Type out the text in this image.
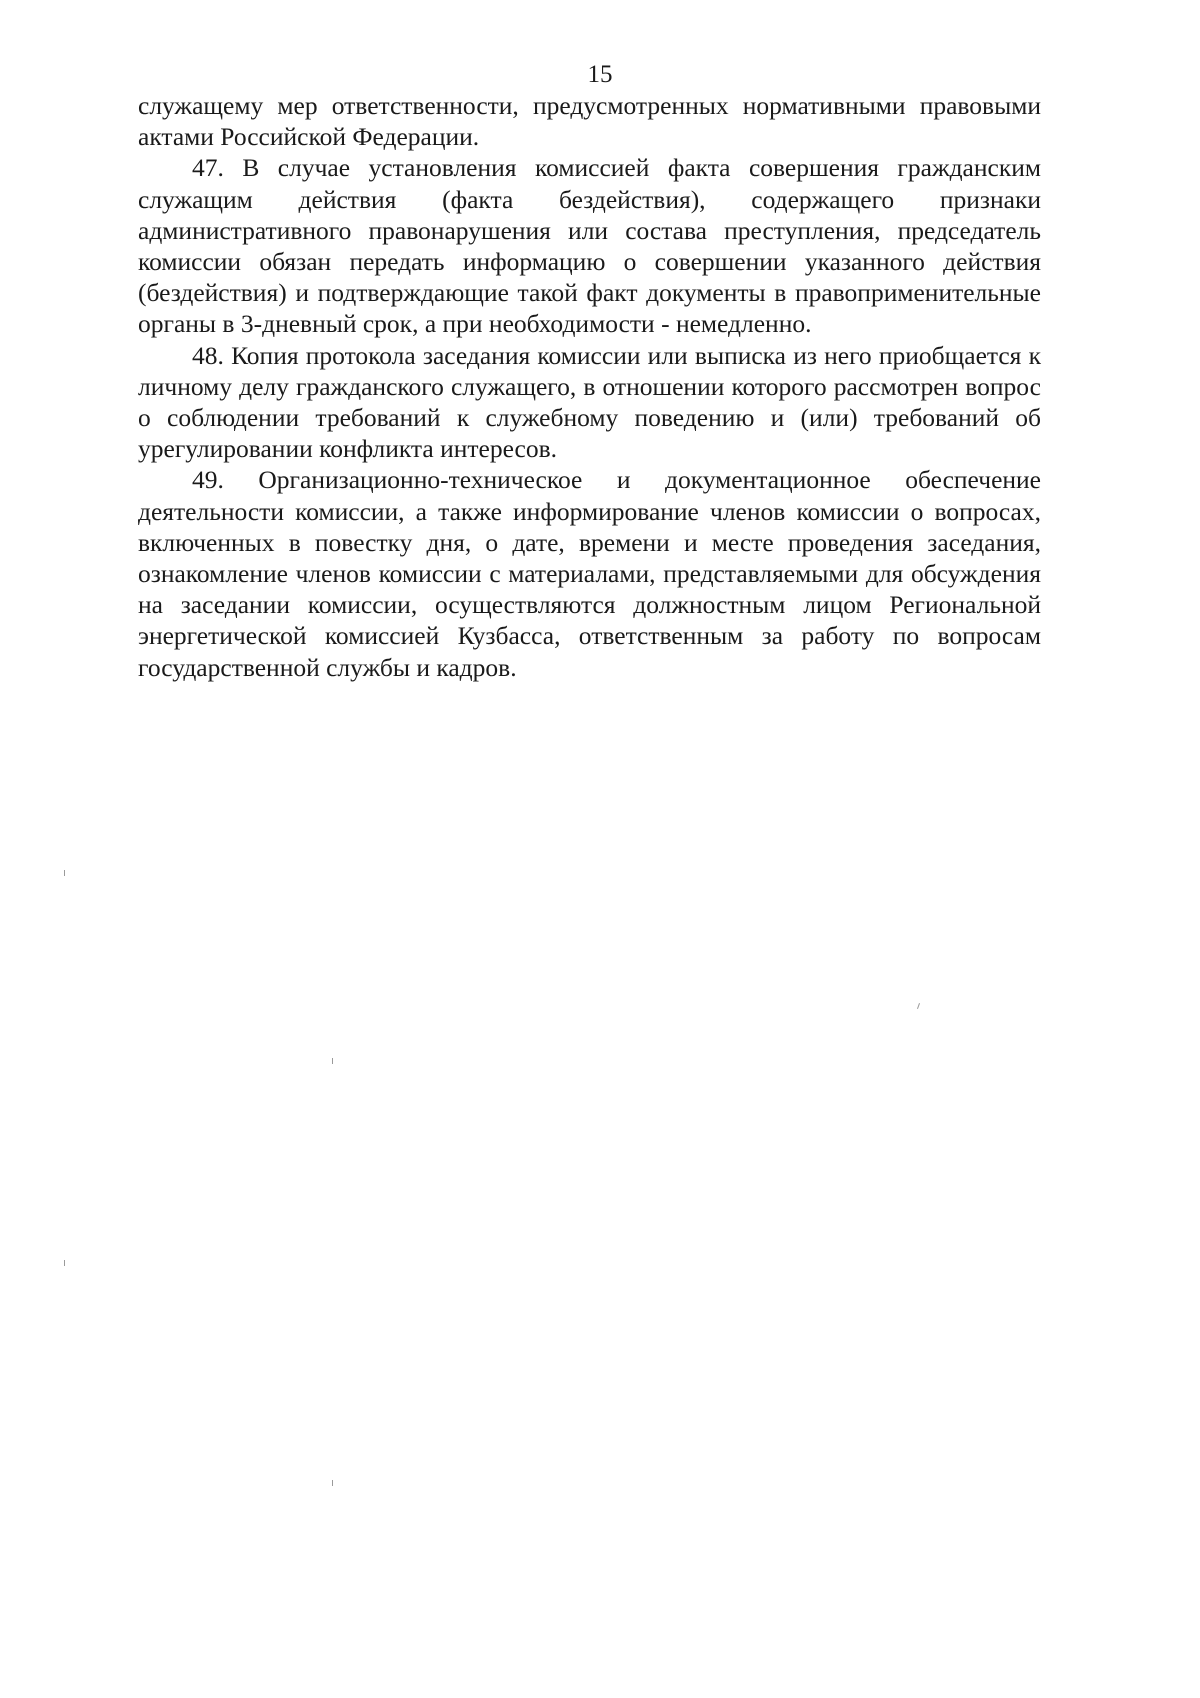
15

служащему мер ответственности, предусмотренных нормативными правовыми актами Российской Федерации.

47. В случае установления комиссией факта совершения гражданским служащим действия (факта бездействия), содержащего признаки административного правонарушения или состава преступления, председатель комиссии обязан передать информацию о совершении указанного действия (бездействия) и подтверждающие такой факт документы в правоприменительные органы в 3-дневный срок, а при необходимости - немедленно.

48. Копия протокола заседания комиссии или выписка из него приобщается к личному делу гражданского служащего, в отношении которого рассмотрен вопрос о соблюдении требований к служебному поведению и (или) требований об урегулировании конфликта интересов.

49. Организационно-техническое и документационное обеспечение деятельности комиссии, а также информирование членов комиссии о вопросах, включенных в повестку дня, о дате, времени и месте проведения заседания, ознакомление членов комиссии с материалами, представляемыми для обсуждения на заседании комиссии, осуществляются должностным лицом Региональной энергетической комиссией Кузбасса, ответственным за работу по вопросам государственной службы и кадров.
